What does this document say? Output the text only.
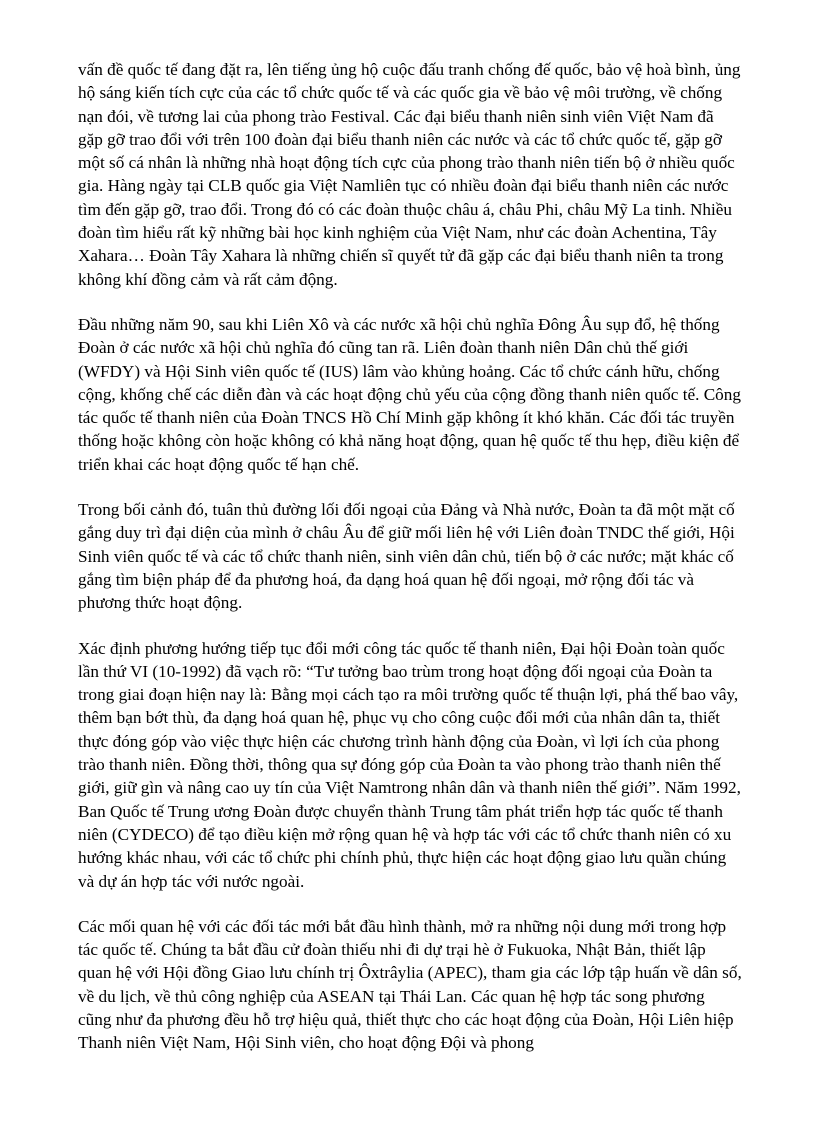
vấn đề quốc tế đang đặt ra, lên tiếng ủng hộ cuộc đấu tranh chống đế quốc, bảo vệ hoà bình, ủng hộ sáng kiến tích cực của các tổ chức quốc tế và các quốc gia về bảo vệ môi trường, về chống nạn đói, về tương lai của phong trào Festival. Các đại biểu thanh niên sinh viên Việt Nam đã gặp gỡ trao đổi với trên 100 đoàn đại biểu thanh niên các nước và các tổ chức quốc tế, gặp gỡ một số cá nhân là những nhà hoạt động tích cực của phong trào thanh niên tiến bộ ở nhiều quốc gia. Hàng ngày tại CLB quốc gia Việt Namliên tục có nhiều đoàn đại biểu thanh niên các nước tìm đến gặp gỡ, trao đổi. Trong đó có các đoàn thuộc châu á, châu Phi, châu Mỹ La tinh. Nhiều đoàn tìm hiểu rất kỹ những bài học kinh nghiệm của Việt Nam, như các đoàn Achentina, Tây Xahara… Đoàn Tây Xahara là những chiến sĩ quyết tử đã gặp các đại biểu thanh niên ta trong không khí đồng cảm và rất cảm động.

Đầu những năm 90, sau khi Liên Xô và các nước xã hội chủ nghĩa Đông Âu sụp đổ, hệ thống Đoàn ở các nước xã hội chủ nghĩa đó cũng tan rã. Liên đoàn thanh niên Dân chủ thế giới (WFDY) và Hội Sinh viên quốc tế (IUS) lâm vào khủng hoảng. Các tổ chức cánh hữu, chống cộng, khống chế các diễn đàn và các hoạt động chủ yếu của cộng đồng thanh niên quốc tế. Công tác quốc tế thanh niên của Đoàn TNCS Hồ Chí Minh gặp không ít khó khăn. Các đối tác truyền thống hoặc không còn hoặc không có khả năng hoạt động, quan hệ quốc tế thu hẹp, điều kiện để triển khai các hoạt động quốc tế hạn chế.

Trong bối cảnh đó, tuân thủ đường lối đối ngoại của Đảng và Nhà nước, Đoàn ta đã một mặt cố gắng duy trì đại diện của mình ở châu Âu để giữ mối liên hệ với Liên đoàn TNDC thế giới, Hội Sinh viên quốc tế và các tổ chức thanh niên, sinh viên dân chủ, tiến bộ ở các nước; mặt khác cố gắng tìm biện pháp để đa phương hoá, đa dạng hoá quan hệ đối ngoại, mở rộng đối tác và phương thức hoạt động.

Xác định phương hướng tiếp tục đổi mới công tác quốc tế thanh niên, Đại hội Đoàn toàn quốc lần thứ VI (10-1992) đã vạch rõ: “Tư tưởng bao trùm trong hoạt động đối ngoại của Đoàn ta trong giai đoạn hiện nay là: Bằng mọi cách tạo ra môi trường quốc tế thuận lợi, phá thế bao vây, thêm bạn bớt thù, đa dạng hoá quan hệ, phục vụ cho công cuộc đổi mới của nhân dân ta, thiết thực đóng góp vào việc thực hiện các chương trình hành động của Đoàn, vì lợi ích của phong trào thanh niên. Đồng thời, thông qua sự đóng góp của Đoàn ta vào phong trào thanh niên thế giới, giữ gìn và nâng cao uy tín của Việt Namtrong nhân dân và thanh niên thế giới”. Năm 1992, Ban Quốc tế Trung ương Đoàn được chuyển thành Trung tâm phát triển hợp tác quốc tế thanh niên (CYDECO) để tạo điều kiện mở rộng quan hệ và hợp tác với các tổ chức thanh niên có xu hướng khác nhau, với các tổ chức phi chính phủ, thực hiện các hoạt động giao lưu quần chúng và dự án hợp tác với nước ngoài.

Các mối quan hệ với các đối tác mới bắt đầu hình thành, mở ra những nội dung mới trong hợp tác quốc tế. Chúng ta bắt đầu cử đoàn thiếu nhi đi dự trại hè ở Fukuoka, Nhật Bản, thiết lập quan hệ với Hội đồng Giao lưu chính trị Ôxtrâylia (APEC), tham gia các lớp tập huấn về dân số, về du lịch, về thủ công nghiệp của ASEAN tại Thái Lan. Các quan hệ hợp tác song phương cũng như đa phương đều hỗ trợ hiệu quả, thiết thực cho các hoạt động của Đoàn, Hội Liên hiệp Thanh niên Việt Nam, Hội Sinh viên, cho hoạt động Đội và phong
